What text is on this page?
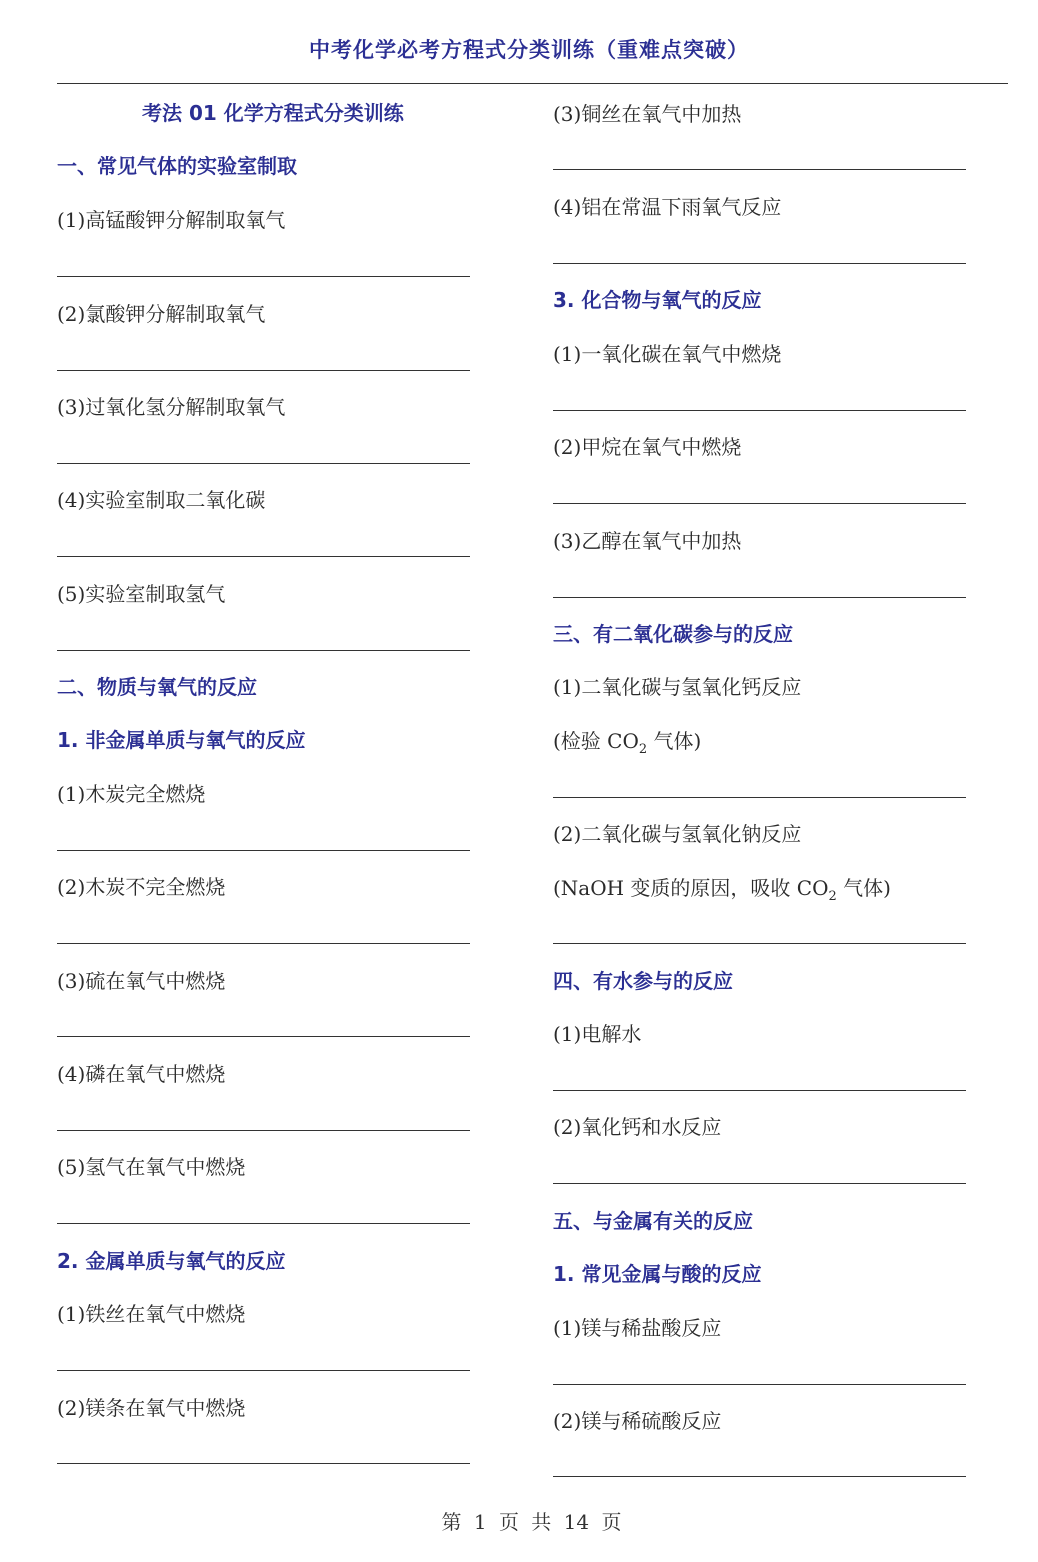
中考化学必考方程式分类训练（重难点突破）
考法 01 化学方程式分类训练
一、常见气体的实验室制取
(1)高锰酸钾分解制取氧气
(2)氯酸钾分解制取氧气
(3)过氧化氢分解制取氧气
(4)实验室制取二氧化碳
(5)实验室制取氢气
二、物质与氧气的反应
1. 非金属单质与氧气的反应
(1)木炭完全燃烧
(2)木炭不完全燃烧
(3)硫在氧气中燃烧
(4)磷在氧气中燃烧
(5)氢气在氧气中燃烧
2. 金属单质与氧气的反应
(1)铁丝在氧气中燃烧
(2)镁条在氧气中燃烧
(3)铜丝在氧气中加热
(4)铝在常温下雨氧气反应
3. 化合物与氧气的反应
(1)一氧化碳在氧气中燃烧
(2)甲烷在氧气中燃烧
(3)乙醇在氧气中加热
三、有二氧化碳参与的反应
(1)二氧化碳与氢氧化钙反应
(检验 $CO_2$ 气体)
(2)二氧化碳与氢氧化钠反应
(NaOH 变质的原因，吸收 $CO_2$ 气体)
四、有水参与的反应
(1)电解水
(2)氧化钙和水反应
五、与金属有关的反应
1. 常见金属与酸的反应
(1)镁与稀盐酸反应
(2)镁与稀硫酸反应
第 1 页 共 14 页
